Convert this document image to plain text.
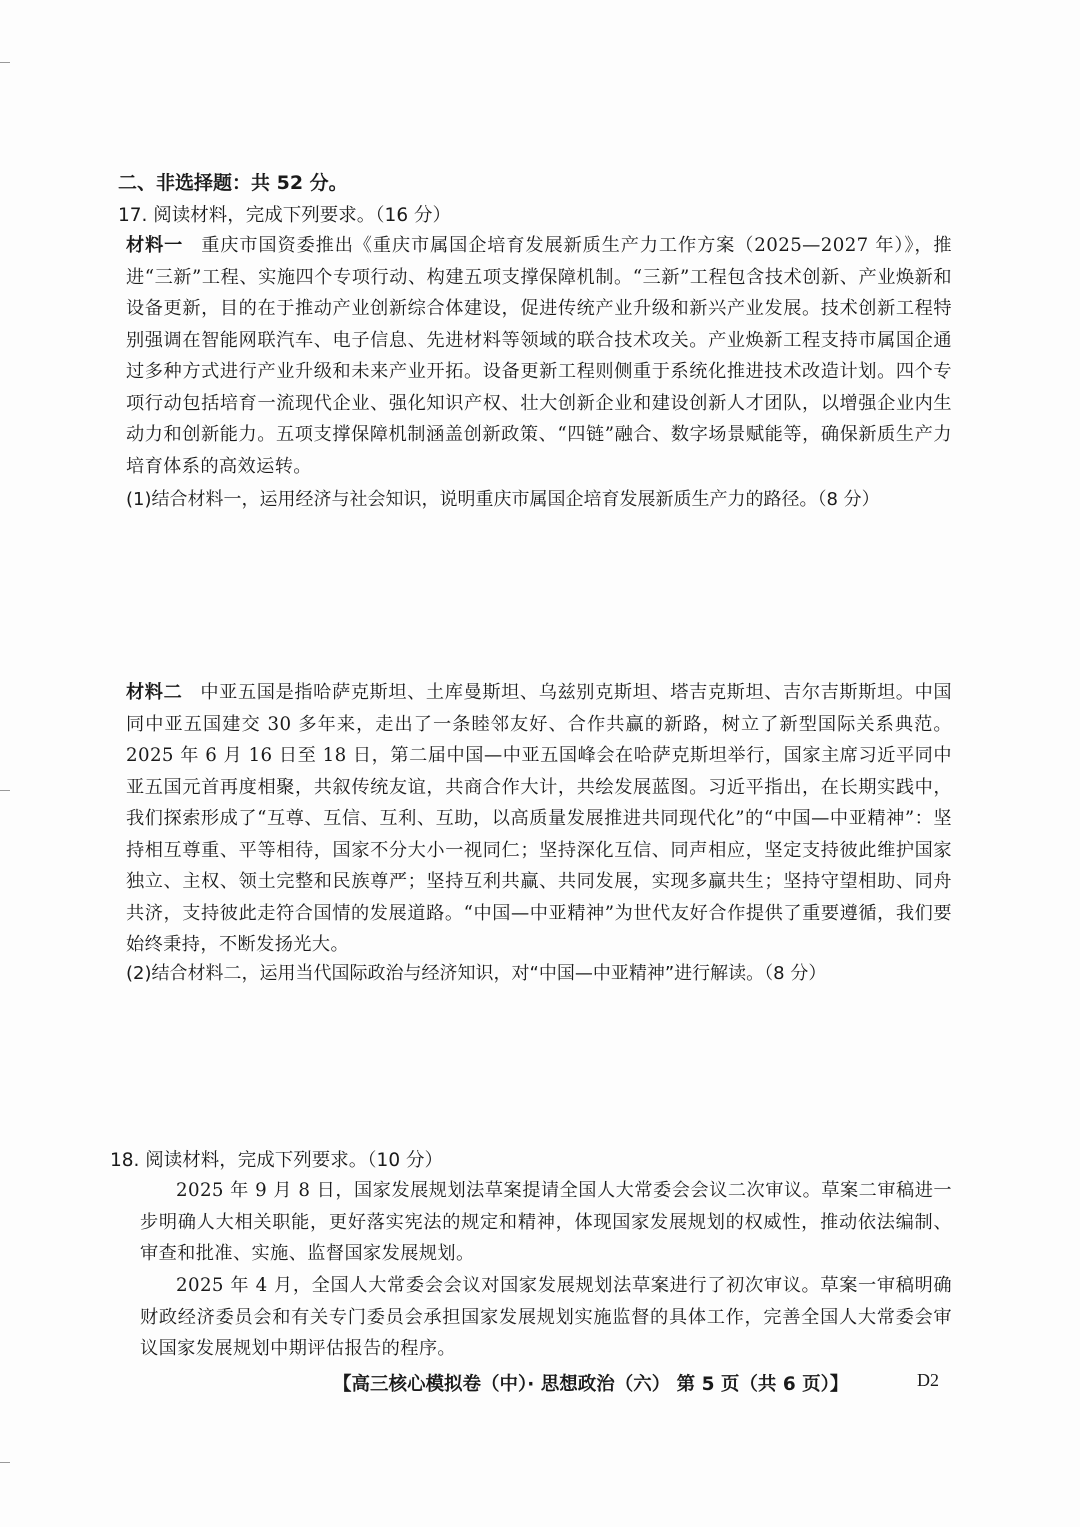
二、非选择题：共 52 分。
17. 阅读材料，完成下列要求。（16 分）
材料一 重庆市国资委推出《重庆市属国企培育发展新质生产力工作方案（2025—2027 年）》，推进“三新”工程、实施四个专项行动、构建五项支撑保障机制。“三新”工程包含技术创新、产业焕新和设备更新，目的在于推动产业创新综合体建设，促进传统产业升级和新兴产业发展。技术创新工程特别强调在智能网联汽车、电子信息、先进材料等领域的联合技术攻关。产业焕新工程支持市属国企通过多种方式进行产业升级和未来产业开拓。设备更新工程则侧重于系统化推进技术改造计划。四个专项行动包括培育一流现代企业、强化知识产权、壮大创新企业和建设创新人才团队，以增强企业内生动力和创新能力。五项支撑保障机制涵盖创新政策、“四链”融合、数字场景赋能等，确保新质生产力培育体系的高效运转。
(1)结合材料一，运用经济与社会知识，说明重庆市属国企培育发展新质生产力的路径。（8 分）
材料二 中亚五国是指哈萨克斯坦、土库曼斯坦、乌兹别克斯坦、塔吉克斯坦、吉尔吉斯斯坦。中国同中亚五国建交 30 多年来，走出了一条睦邻友好、合作共赢的新路，树立了新型国际关系典范。2025 年 6 月 16 日至 18 日，第二届中国—中亚五国峰会在哈萨克斯坦举行，国家主席习近平同中亚五国元首再度相聚，共叙传统友谊，共商合作大计，共绘发展蓝图。习近平指出，在长期实践中，我们探索形成了“互尊、互信、互利、互助，以高质量发展推进共同现代化”的“中国—中亚精神”：坚持相互尊重、平等相待，国家不分大小一视同仁；坚持深化互信、同声相应，坚定支持彼此维护国家独立、主权、领土完整和民族尊严；坚持互利共赢、共同发展，实现多赢共生；坚持守望相助、同舟共济，支持彼此走符合国情的发展道路。“中国—中亚精神”为世代友好合作提供了重要遵循，我们要始终秉持，不断发扬光大。
(2)结合材料二，运用当代国际政治与经济知识，对“中国—中亚精神”进行解读。（8 分）
18. 阅读材料，完成下列要求。（10 分）
2025 年 9 月 8 日，国家发展规划法草案提请全国人大常委会会议二次审议。草案二审稿进一步明确人大相关职能，更好落实宪法的规定和精神，体现国家发展规划的权威性，推动依法编制、审查和批准、实施、监督国家发展规划。
2025 年 4 月，全国人大常委会会议对国家发展规划法草案进行了初次审议。草案一审稿明确财政经济委员会和有关专门委员会承担国家发展规划实施监督的具体工作，完善全国人大常委会审议国家发展规划中期评估报告的程序。
【高三核心模拟卷（中）· 思想政治（六） 第 5 页（共 6 页）】	D2
